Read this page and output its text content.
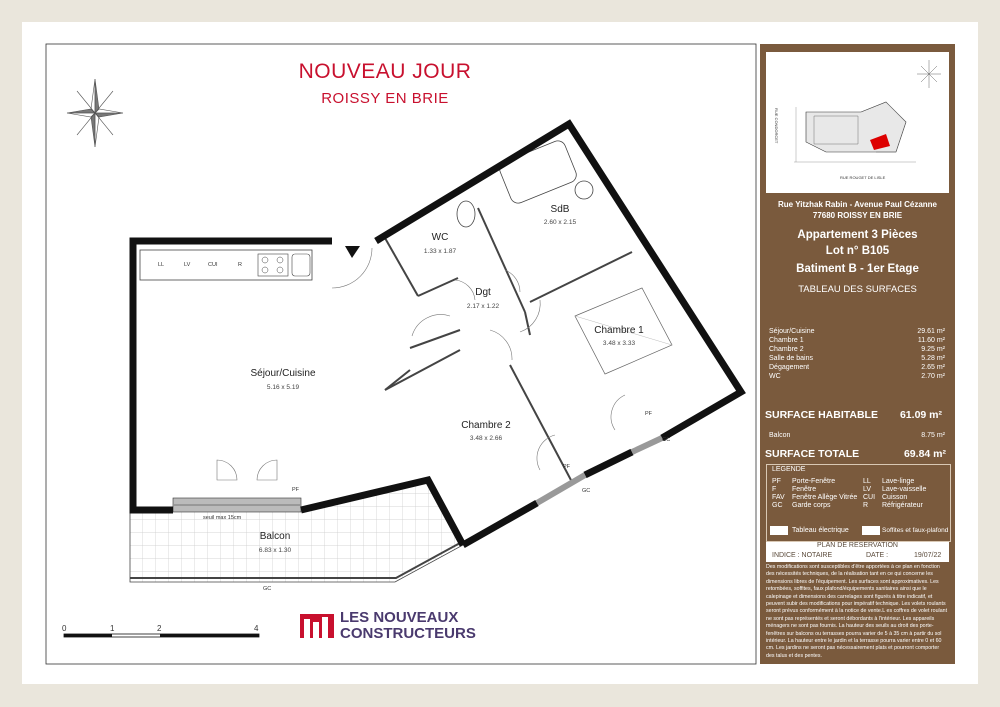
NOUVEAU JOUR
ROISSY EN BRIE
WC
1.33 x 1.87
SdB
2.60 x 2.15
Dgt
2.17 x 1.22
Chambre 1
3.48 x 3.33
Séjour/Cuisine
5.16 x 5.19
Chambre 2
3.48 x 2.66
Balcon
6.83 x 1.30
PF
PF
PF
GC
GC
GC
seuil max 15cm
LL	LV	CUI	R
0	1	2	4
LES NOUVEAUX
CONSTRUCTEURS
RUE CONDORCET
RUE ROUGET DE LISLE
Rue Yitzhak Rabin - Avenue Paul Cézanne
77680 ROISSY EN BRIE
Appartement 3 Pièces
Lot n° B105
Batiment B - 1er Etage
TABLEAU DES SURFACES
Séjour/Cuisine	29.61 m²
Chambre 1	11.60 m²
Chambre 2	9.25 m²
Salle de bains	5.28 m²
Dégagement	2.65 m²
WC	2.70 m²
SURFACE HABITABLE 61.09 m²
Balcon	8.75 m²
SURFACE TOTALE	69.84 m²
LEGENDE
PF Porte-Fenêtre
F Fenêtre
FAV Fenêtre Allège Vitrée
GC Garde corps
LL Lave-linge
LV Lave-vaisselle
CUI Cuisson
R Réfrigérateur
Tableau électrique	Soffites et faux-plafond
PLAN DE RESERVATION
INDICE : NOTAIRE	DATE :	19/07/22
Des modifications sont susceptibles d'être apportées à ce plan en fonction des nécessités techniques, de la réalisation tant en ce qui concerne les dimensions libres de l'équipement. Les surfaces sont approximatives. Les retombées, soffites, faux plafond/équipements sanitaires ainsi que le calepinage et dimensions des carrelages sont figurés à titre indicatif, et peuvent subir des modifications pour impératif technique. Les volets roulants seront prévus conformément à la notice de vente.L es coffres de volet roulant ne sont pas représentés et seront débordants à l'intérieur. Les appareils ménagers ne sont pas fournis. La hauteur des seuils au droit des porte-fenêtres sur balcons ou terrasses pourra varier de 5 à 35 cm à partir du sol intérieur. La hauteur entre le jardin et la terrasse pourra varier entre 0 et 60 cm. Les jardins ne seront pas nécessairement plats et pourront comporter des talus et des pentes.
